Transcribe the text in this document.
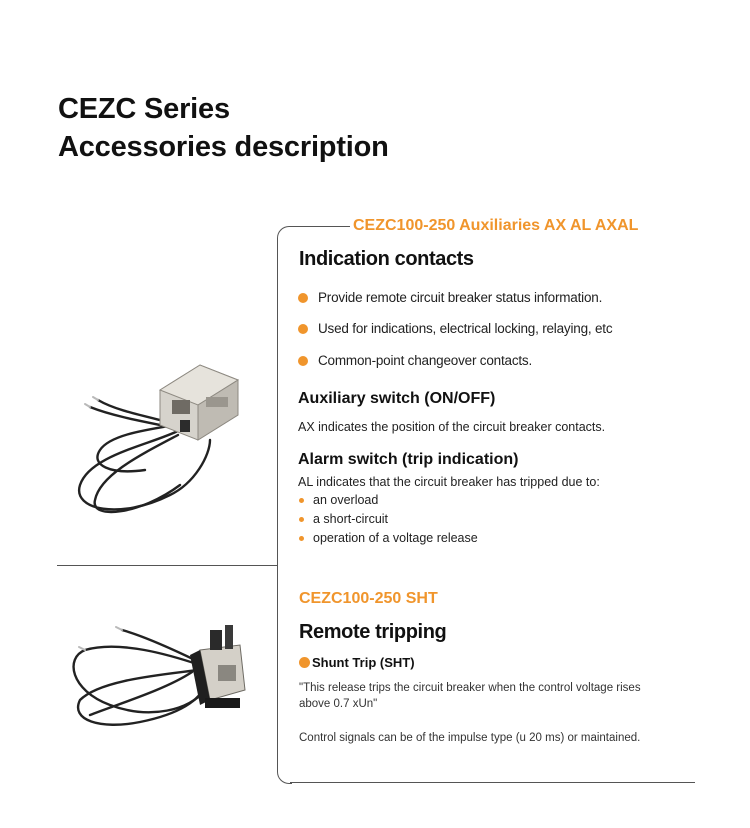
CEZC Series
Accessories description
CEZC100-250 Auxiliaries AX AL AXAL
Indication contacts
Provide remote circuit breaker status information.
Used for indications, electrical locking, relaying, etc
Common-point changeover contacts.
Auxiliary switch (ON/OFF)
AX indicates the position of the circuit breaker contacts.
Alarm switch (trip indication)
AL indicates that the circuit breaker has tripped due to:
an overload
a short-circuit
operation of a voltage release
CEZC100-250 SHT
Remote tripping
Shunt Trip (SHT)
"This release trips the circuit breaker when the control voltage rises
above 0.7 xUn"
Control signals can be of the impulse type (u 20 ms) or maintained.
